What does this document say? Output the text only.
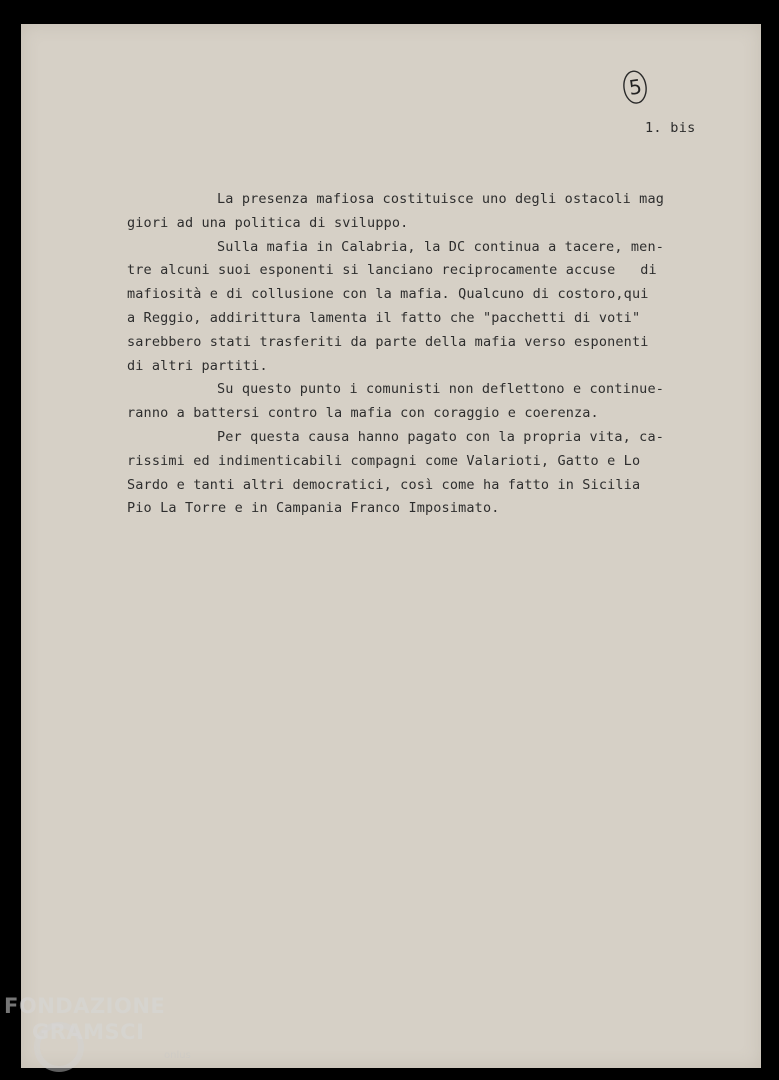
5
1. bis
La presenza mafiosa costituisce uno degli ostacoli mag
giori ad una politica di sviluppo.
Sulla mafia in Calabria, la DC continua a tacere, men-
tre alcuni suoi esponenti si lanciano reciprocamente accuse   di
mafiosità e di collusione con la mafia. Qualcuno di costoro,qui
a Reggio, addirittura lamenta il fatto che "pacchetti di voti"
sarebbero stati trasferiti da parte della mafia verso esponenti
di altri partiti.
Su questo punto i comunisti non deflettono e continue-
ranno a battersi contro la mafia con coraggio e coerenza.
Per questa causa hanno pagato con la propria vita, ca-
rissimi ed indimenticabili compagni come Valarioti, Gatto e Lo
Sardo e tanti altri democratici, così come ha fatto in Sicilia
Pio La Torre e in Campania Franco Imposimato.
FONDAZIONE
GRAMSCI
onlus
